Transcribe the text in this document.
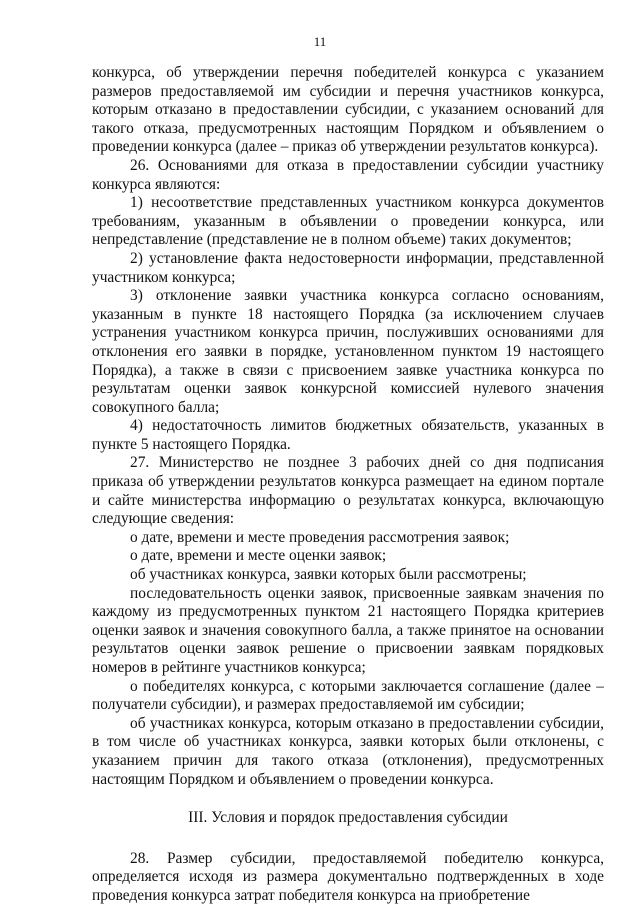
11

конкурса, об утверждении перечня победителей конкурса с указанием размеров предоставляемой им субсидии и перечня участников конкурса, которым отказано в предоставлении субсидии, с указанием оснований для такого отказа, предусмотренных настоящим Порядком и объявлением о проведении конкурса (далее – приказ об утверждении результатов конкурса).

26. Основаниями для отказа в предоставлении субсидии участнику конкурса являются:

1) несоответствие представленных участником конкурса документов требованиям, указанным в объявлении о проведении конкурса, или непредставление (представление не в полном объеме) таких документов;

2) установление факта недостоверности информации, представленной участником конкурса;

3) отклонение заявки участника конкурса согласно основаниям, указанным в пункте 18 настоящего Порядка (за исключением случаев устранения участником конкурса причин, послуживших основаниями для отклонения его заявки в порядке, установленном пунктом 19 настоящего Порядка), а также в связи с присвоением заявке участника конкурса по результатам оценки заявок конкурсной комиссией нулевого значения совокупного балла;

4) недостаточность лимитов бюджетных обязательств, указанных в пункте 5 настоящего Порядка.

27. Министерство не позднее 3 рабочих дней со дня подписания приказа об утверждении результатов конкурса размещает на едином портале и сайте министерства информацию о результатах конкурса, включающую следующие сведения:

о дате, времени и месте проведения рассмотрения заявок;

о дате, времени и месте оценки заявок;

об участниках конкурса, заявки которых были рассмотрены;

последовательность оценки заявок, присвоенные заявкам значения по каждому из предусмотренных пунктом 21 настоящего Порядка критериев оценки заявок и значения совокупного балла, а также принятое на основании результатов оценки заявок решение о присвоении заявкам порядковых номеров в рейтинге участников конкурса;

о победителях конкурса, с которыми заключается соглашение (далее – получатели субсидии), и размерах предоставляемой им субсидии;

об участниках конкурса, которым отказано в предоставлении субсидии, в том числе об участниках конкурса, заявки которых были отклонены, с указанием причин для такого отказа (отклонения), предусмотренных настоящим Порядком и объявлением о проведении конкурса.

III. Условия и порядок предоставления субсидии

28. Размер субсидии, предоставляемой победителю конкурса, определяется исходя из размера документально подтвержденных в ходе проведения конкурса затрат победителя конкурса на приобретение
